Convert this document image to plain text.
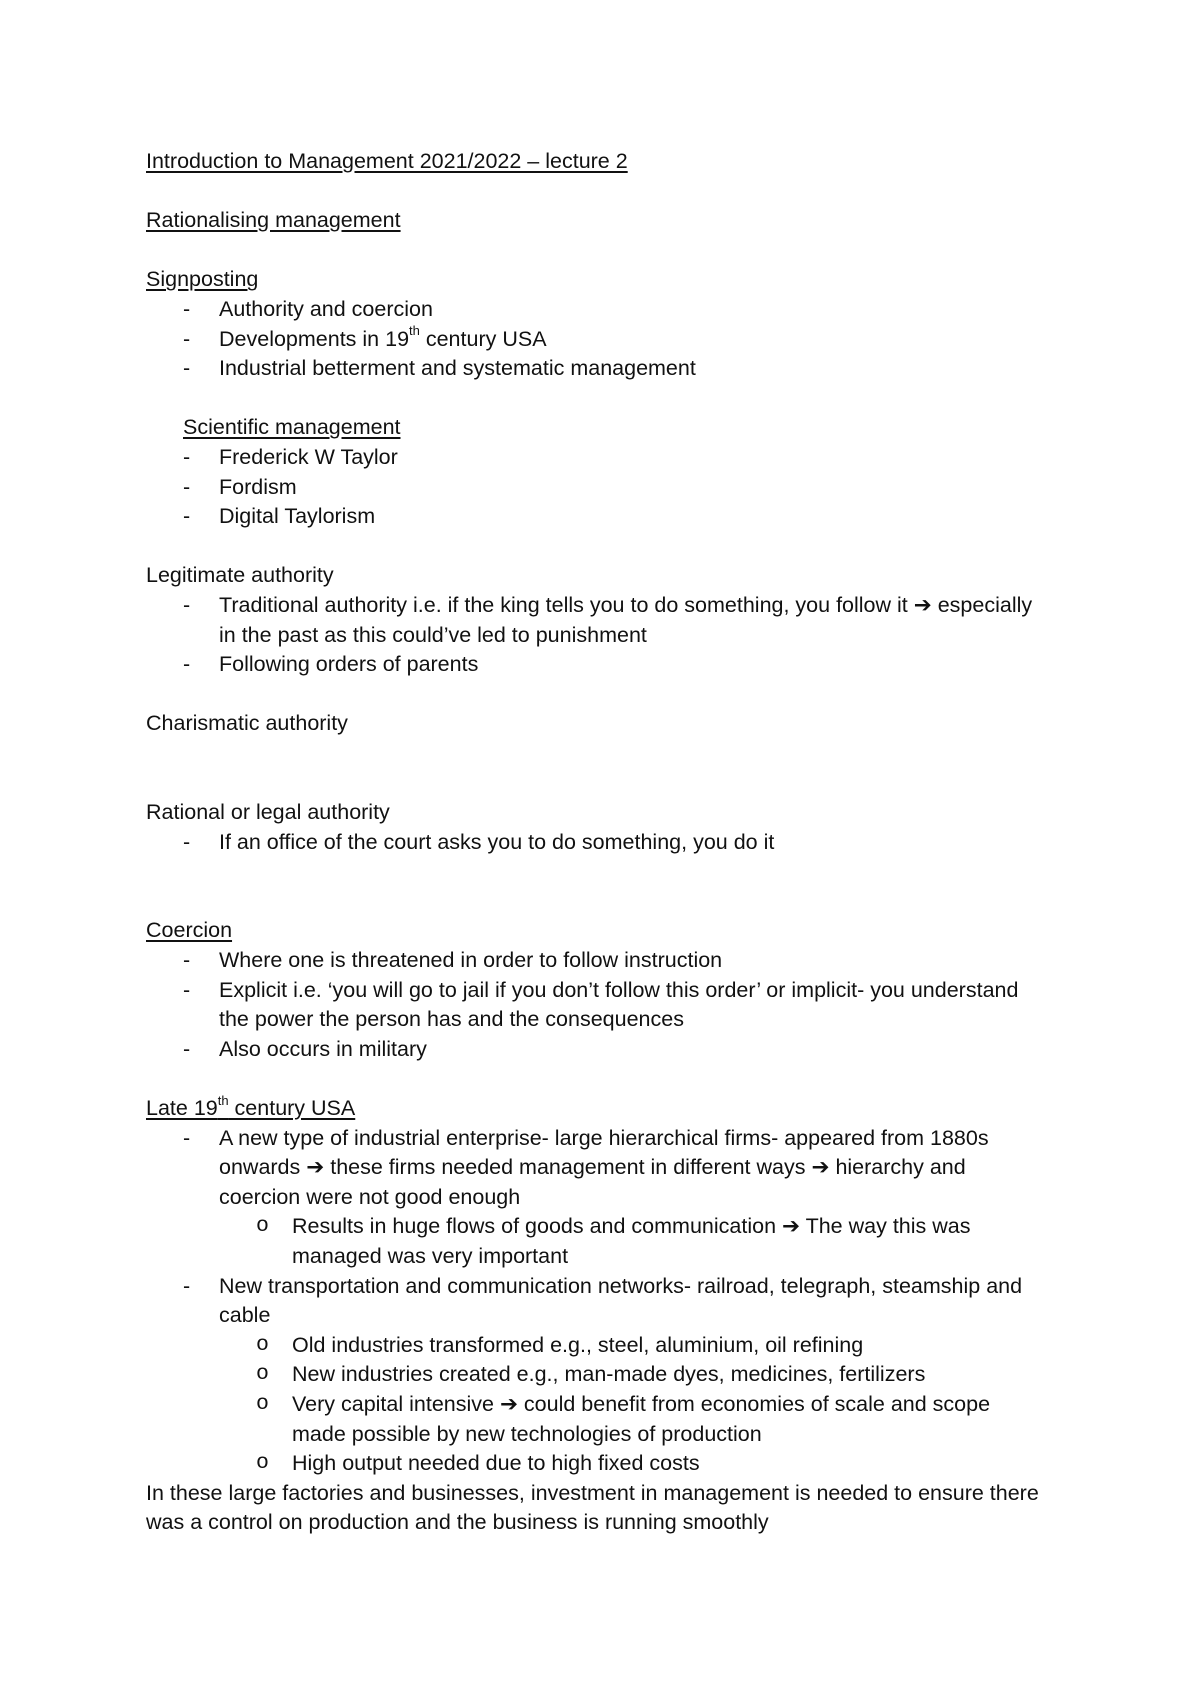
Introduction to Management 2021/2022 – lecture 2

Rationalising management

Signposting

- Authority and coercion
- Developments in 19th century USA
- Industrial betterment and systematic management

Scientific management

- Frederick W Taylor
- Fordism
- Digital Taylorism

Legitimate authority

- Traditional authority i.e. if the king tells you to do something, you follow it ➔ especially in the past as this could’ve led to punishment
- Following orders of parents

Charismatic authority

Rational or legal authority

- If an office of the court asks you to do something, you do it

Coercion

- Where one is threatened in order to follow instruction
- Explicit i.e. ‘you will go to jail if you don’t follow this order’ or implicit- you understand the power the person has and the consequences
- Also occurs in military

Late 19th century USA

- A new type of industrial enterprise- large hierarchical firms- appeared from 1880s onwards ➔ these firms needed management in different ways ➔ hierarchy and coercion were not good enough
o Results in huge flows of goods and communication ➔ The way this was managed was very important
- New transportation and communication networks- railroad, telegraph, steamship and cable
o Old industries transformed e.g., steel, aluminium, oil refining
o New industries created e.g., man-made dyes, medicines, fertilizers
o Very capital intensive ➔ could benefit from economies of scale and scope made possible by new technologies of production
o High output needed due to high fixed costs

In these large factories and businesses, investment in management is needed to ensure there was a control on production and the business is running smoothly
